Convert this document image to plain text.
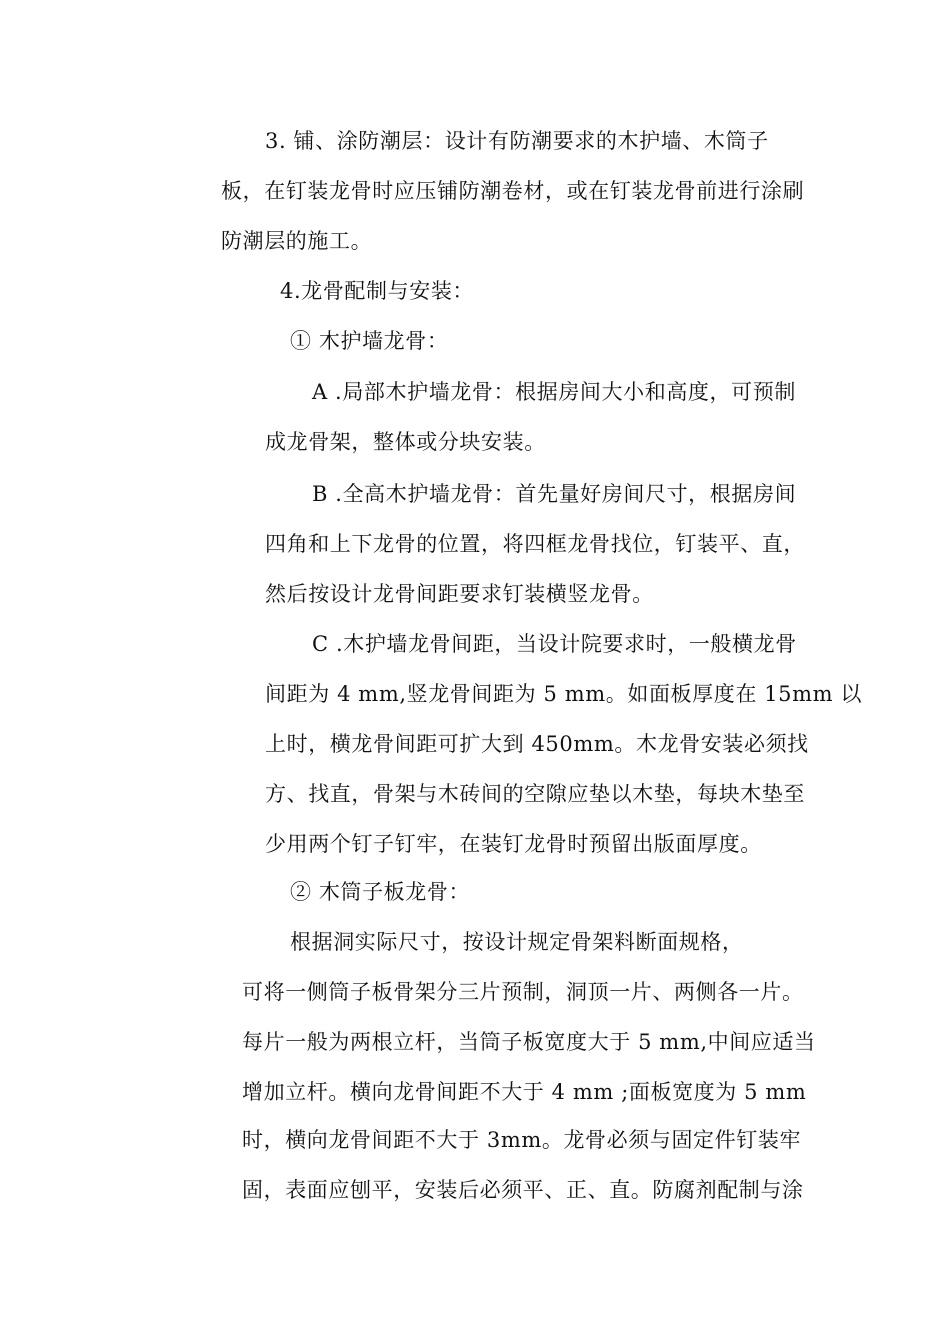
3. 铺、涂防潮层：设计有防潮要求的木护墙、木筒子
板，在钉装龙骨时应压铺防潮卷材，或在钉装龙骨前进行涂刷
防潮层的施工。
4.龙骨配制与安装：
① 木护墙龙骨：
A .局部木护墙龙骨：根据房间大小和高度，可预制
成龙骨架，整体或分块安装。
B .全高木护墙龙骨：首先量好房间尺寸，根据房间
四角和上下龙骨的位置，将四框龙骨找位，钉装平、直，
然后按设计龙骨间距要求钉装横竖龙骨。
C .木护墙龙骨间距，当设计院要求时，一般横龙骨
间距为 4 mm,竖龙骨间距为 5 mm。如面板厚度在 15mm 以
上时，横龙骨间距可扩大到 450mm。木龙骨安装必须找
方、找直，骨架与木砖间的空隙应垫以木垫，每块木垫至
少用两个钉子钉牢，在装钉龙骨时预留出版面厚度。
② 木筒子板龙骨：
根据洞实际尺寸，按设计规定骨架料断面规格，
可将一侧筒子板骨架分三片预制，洞顶一片、两侧各一片。
每片一般为两根立杆，当筒子板宽度大于 5 mm,中间应适当
增加立杆。横向龙骨间距不大于 4 mm ;面板宽度为 5 mm
时，横向龙骨间距不大于 3mm。龙骨必须与固定件钉装牢
固，表面应刨平，安装后必须平、正、直。防腐剂配制与涂
